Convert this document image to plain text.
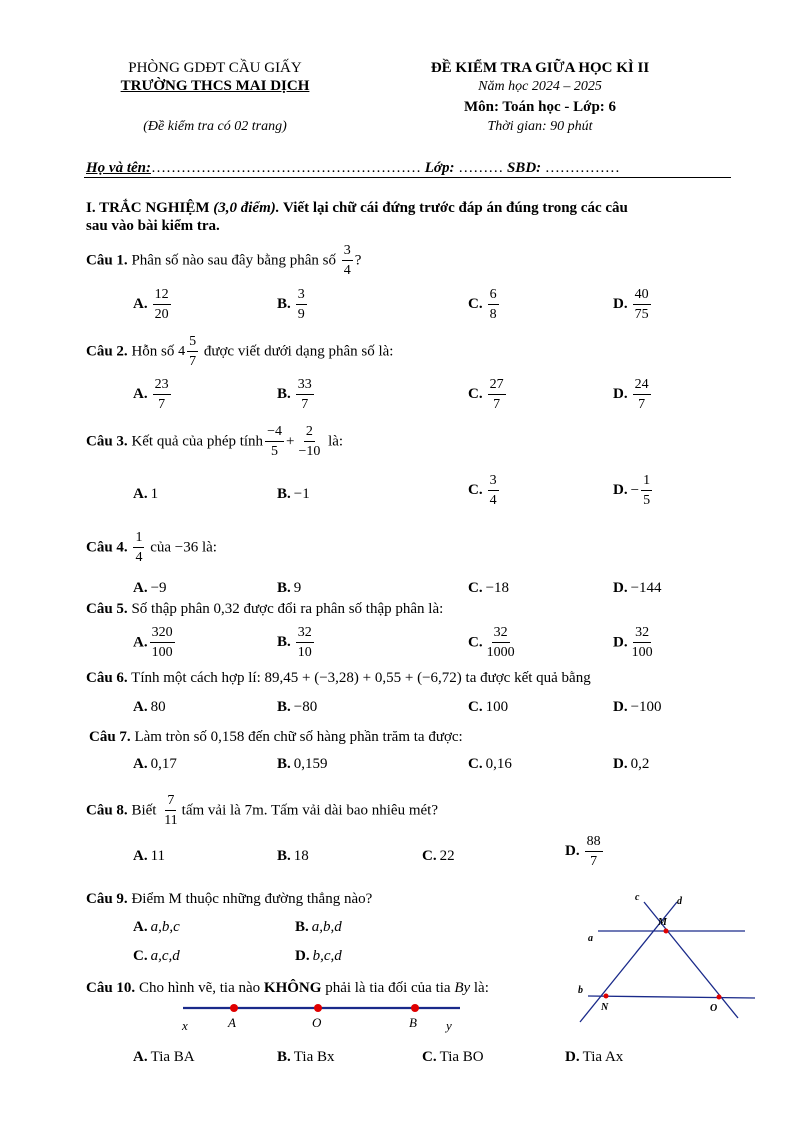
PHÒNG GDĐT CẦU GIẤY
TRƯỜNG THCS MAI DỊCH
(Đề kiểm tra có 02 trang)
ĐỀ KIỂM TRA GIỮA HỌC KÌ II
Năm học 2024 – 2025
Môn: Toán học - Lớp: 6
Thời gian: 90 phút
Họ và tên:……………………………………………… Lớp: ……… SBD: ……………
I. TRẮC NGHIỆM (3,0 điểm). Viết lại chữ cái đứng trước đáp án đúng trong các câu
sau vào bài kiểm tra.
Câu 1. Phân số nào sau đây bằng phân số $\frac{3}{4}$ ?
A. $\frac{12}{20}$	B. $\frac{3}{9}$	C. $\frac{6}{8}$	D. $\frac{40}{75}$
Câu 2. Hỗn số $4 \frac{5}{7}$ được viết dưới dạng phân số là:
A. $\frac{23}{7}$	B. $\frac{33}{7}$	C. $\frac{27}{7}$	D. $\frac{24}{7}$
Câu 3. Kết quả của phép tính $\frac{-4}{5} + \frac{2}{-10}$ là:
A. 1	B. −1	C. $\frac{3}{4}$	D. − $\frac{1}{5}$
Câu 4. $\frac{1}{4}$ của −36 là:
A. −9	B. 9	C. −18	D. −144
Câu 5. Số thập phân 0,32 được đổi ra phân số thập phân là:
A. $\frac{320}{100}$	B. $\frac{32}{10}$	C. $\frac{32}{1000}$	D. $\frac{32}{100}$
Câu 6. Tính một cách hợp lí: 89,45 + (−3,28) + 0,55 + (−6,72) ta được kết quả bằng
A. 80	B. −80	C. 100	D. −100
Câu 7. Làm tròn số 0,158 đến chữ số hàng phần trăm ta được:
A. 0,17	B. 0,159	C. 0,16	D. 0,2
Câu 8. Biết $\frac{7}{11}$ tấm vải là 7m. Tấm vải dài bao nhiêu mét?
A. 11	B. 18	C. 22	D. $\frac{88}{7}$
Câu 9. Điểm M thuộc những đường thẳng nào?
A. a,b,c	B. a,b,d
C. a,c,d	D. b,c,d
Câu 10. Cho hình vẽ, tia nào KHÔNG phải là tia đối của tia By là:
x	A	O	B y
A. Tia BA	B. Tia Bx	C. Tia BO	D. Tia Ax
c	d
M
a
b
N	O
